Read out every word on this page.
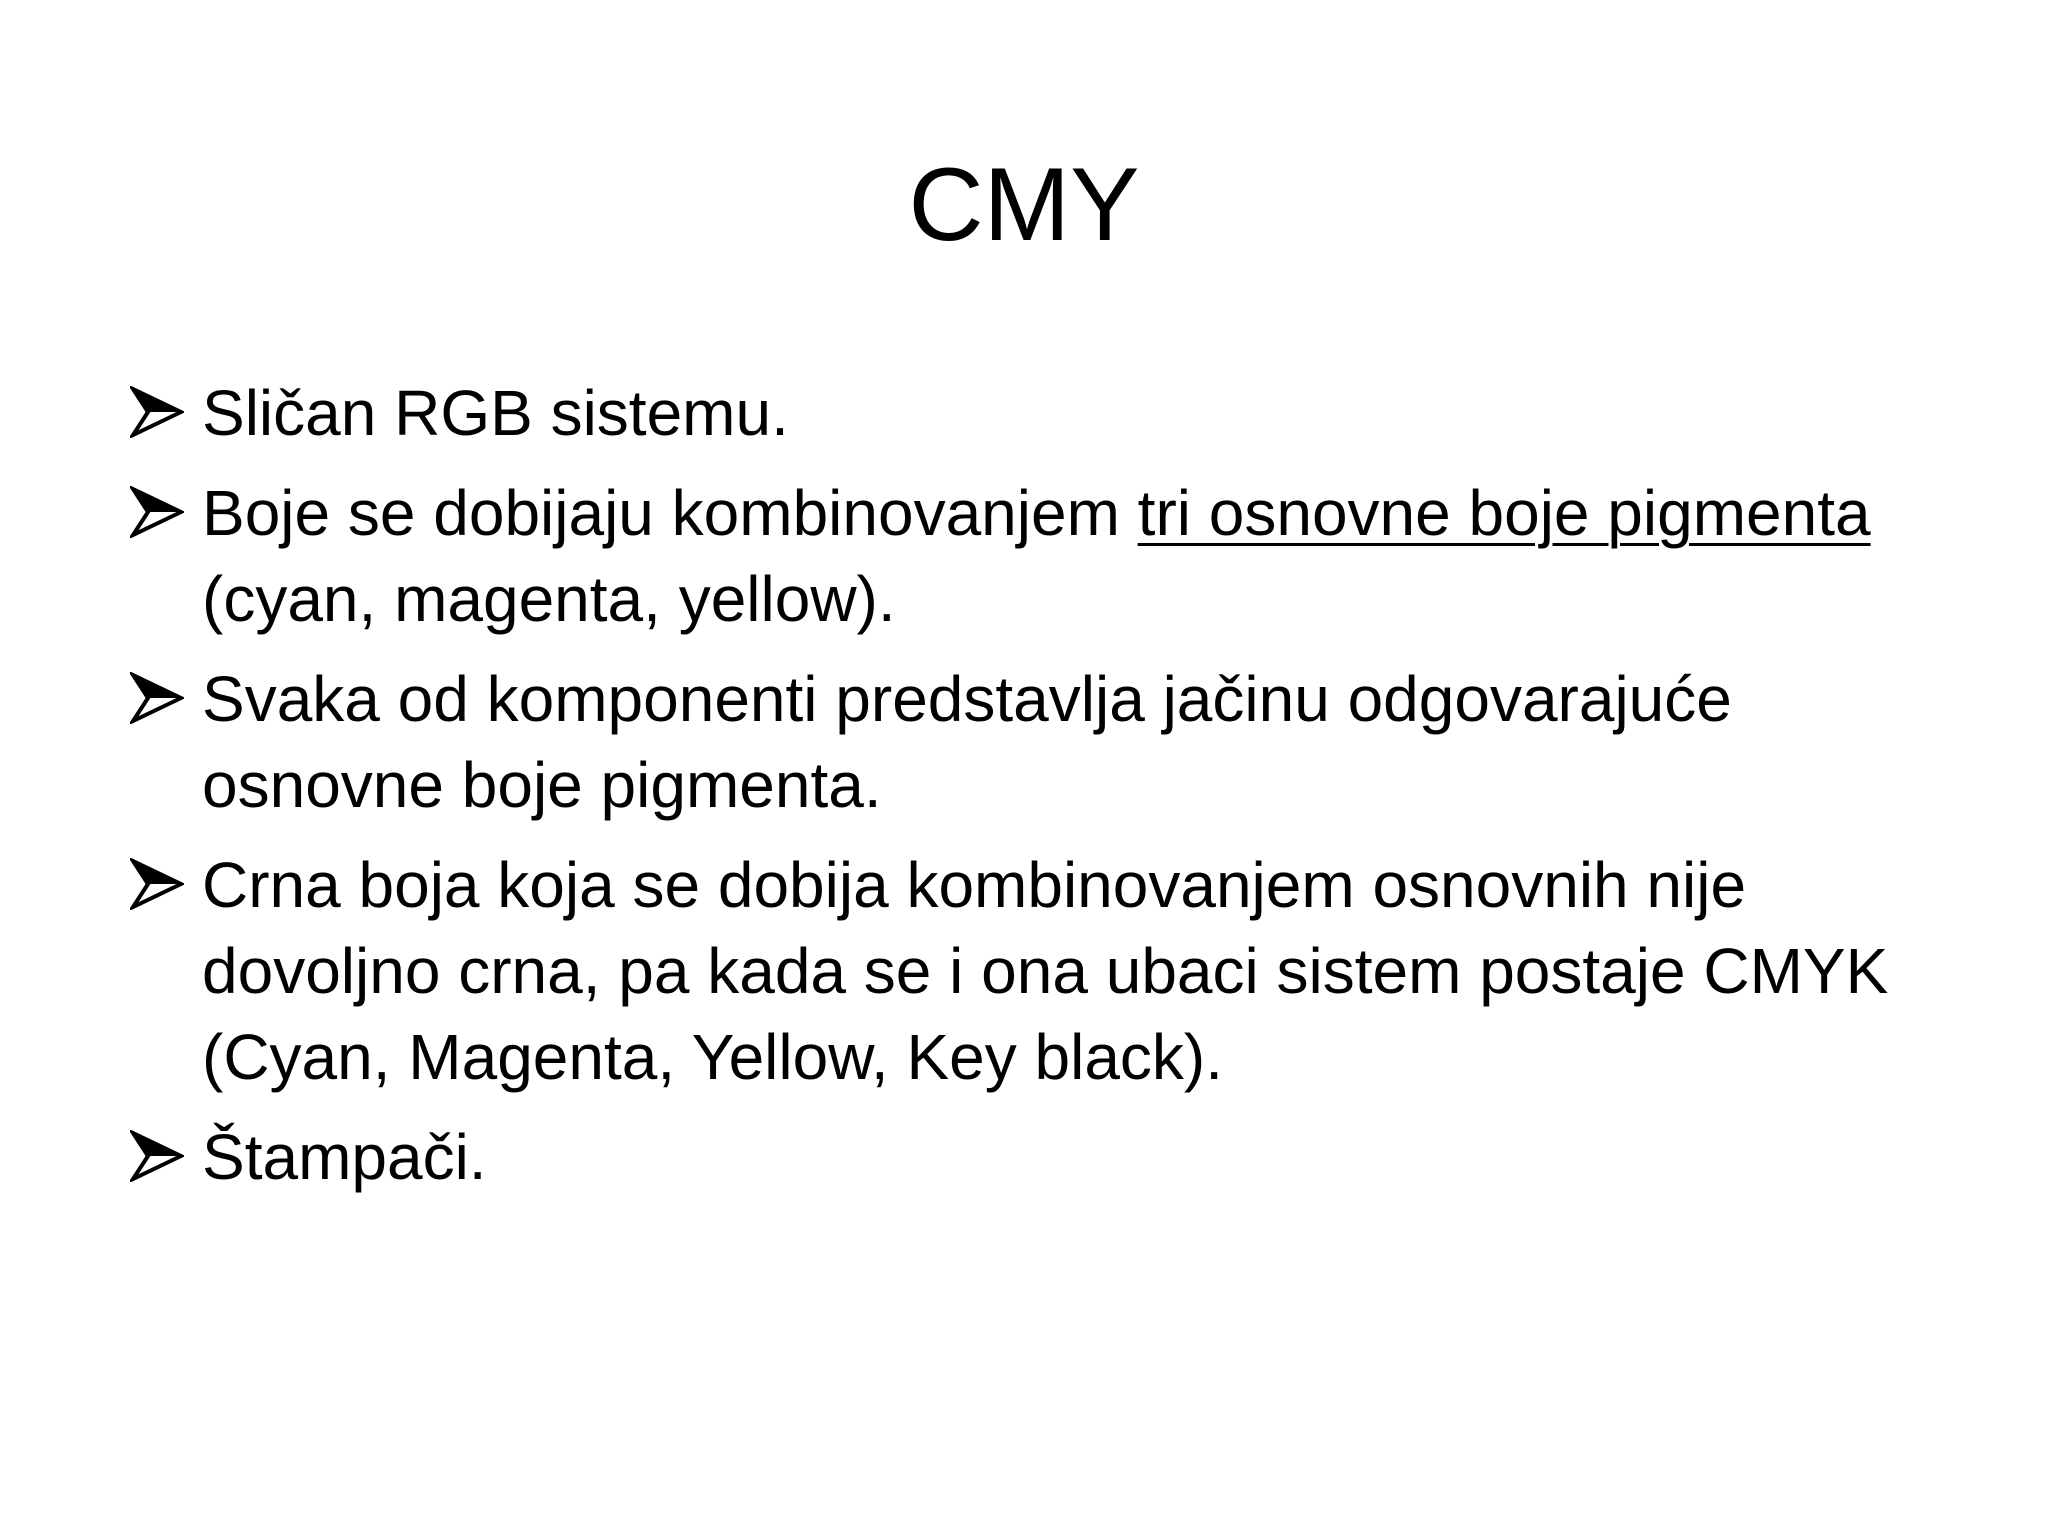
CMY
Sličan RGB sistemu.
Boje se dobijaju kombinovanjem tri osnovne boje pigmenta (cyan, magenta, yellow).
Svaka od komponenti predstavlja jačinu odgovarajuće  osnovne boje pigmenta.
Crna boja koja se dobija kombinovanjem osnovnih nije dovoljno crna, pa kada se i ona ubaci sistem postaje CMYK (Cyan, Magenta, Yellow, Key black).
Štampači.
